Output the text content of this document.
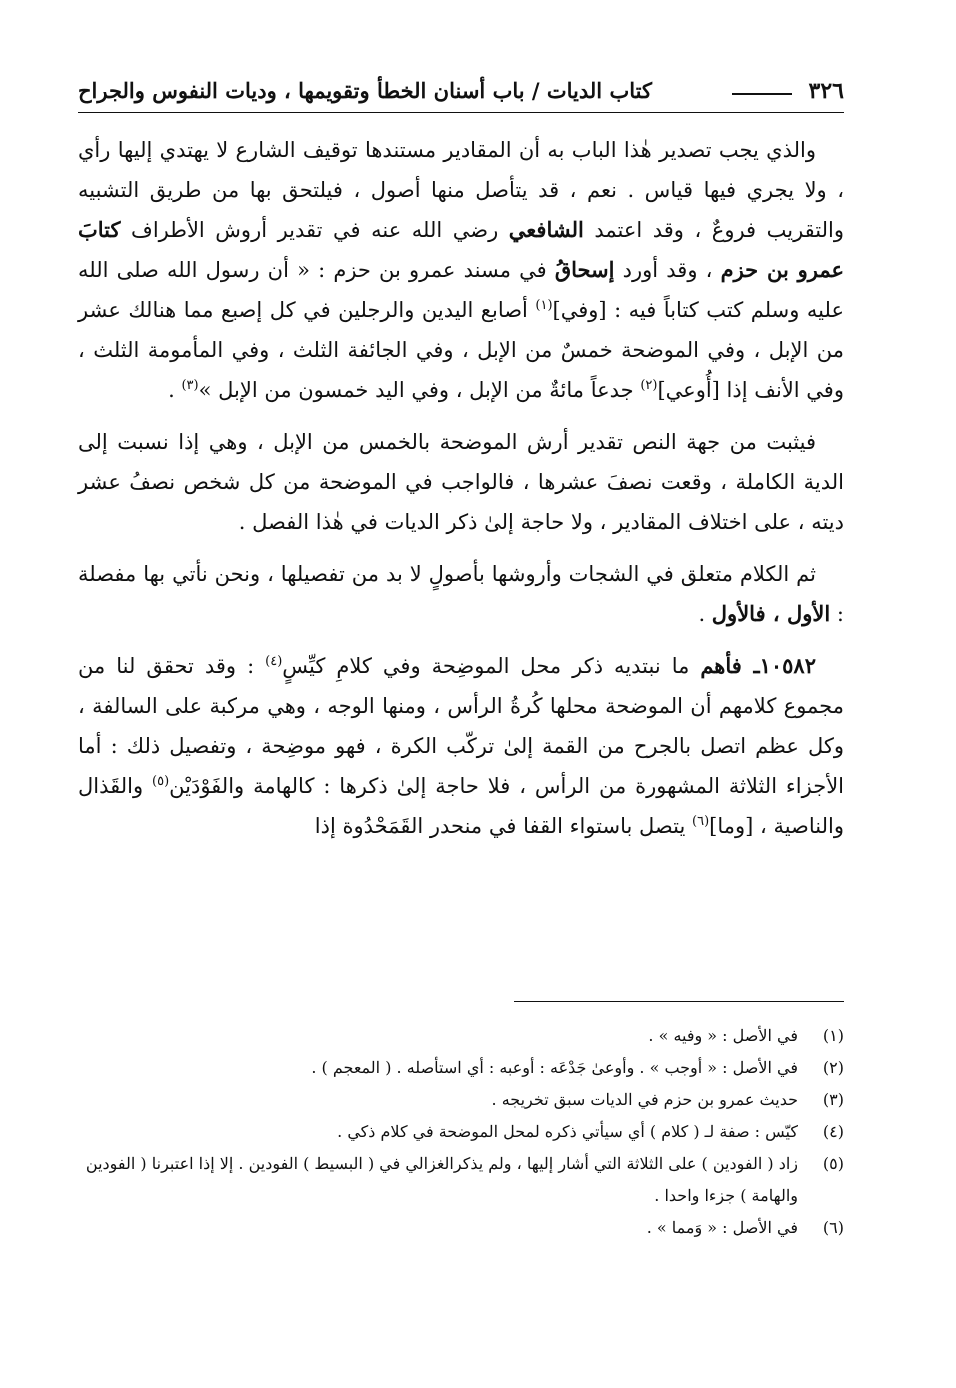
٣٢٦
كتاب الديات / باب أسنان الخطأ وتقويمها ، وديات النفوس والجراح

والذي يجب تصدير هٰذا الباب به أن المقادير مستندها توقيف الشارع لا يهتدي إليها رأي ، ولا يجري فيها قياس . نعم ، قد يتأصل منها أصول ، فيلتحق بها من طريق التشبيه والتقريب فروعٌ ، وقد اعتمد الشافعي رضي الله عنه في تقدير أروش الأطراف كتابَ عمرو بن حزم ، وقد أورد إسحاقُ في مسند عمرو بن حزم : « أن رسول الله صلى الله عليه وسلم كتب كتاباً فيه : [وفي]$^{(١)}$ أصابع اليدين والرجلين في كل إصبع مما هنالك عشر من الإبل ، وفي الموضحة خمسٌ من الإبل ، وفي الجائفة الثلث ، وفي المأمومة الثلث ، وفي الأنف إذا [أُوعي]$^{(٢)}$ جدعاً مائةٌ من الإبل ، وفي اليد خمسون من الإبل »$^{(٣)}$ .

فيثبت من جهة النص تقدير أرش الموضحة بالخمس من الإبل ، وهي إذا نسبت إلى الدية الكاملة ، وقعت نصفَ عشرها ، فالواجب في الموضحة من كل شخص نصفُ عشر ديته ، على اختلاف المقادير ، ولا حاجة إلىٰ ذكر الديات في هٰذا الفصل .

ثم الكلام متعلق في الشجات وأروشها بأصولٍ لا بد من تفصيلها ، ونحن نأتي بها مفصلة : الأول ، فالأول .

١٠٥٨٢ـ فأهم ما نبتديه ذكر محل الموضِحة وفي كلامِ كيِّسٍ$^{(٤)}$ : وقد تحقق لنا من مجموع كلامهم أن الموضحة محلها كُرةُ الرأس ، ومنها الوجه ، وهي مركبة على السالفة ، وكل عظم اتصل بالجرح من القمة إلىٰ تركّب الكرة ، فهو موضِحة ، وتفصيل ذلك : أما الأجزاء الثلاثة المشهورة من الرأس ، فلا حاجة إلىٰ ذكرها : كالهامة والفَوْدَيْن$^{(٥)}$ والقَذال والناصية ، [وما]$^{(٦)}$ يتصل باستواء القفا في منحدر القَمَحْدُوة إذا

(١)
في الأصل : « وفيه » .
(٢)
في الأصل : « أوجب » . وأوعىٰ جَدْعَه : أوعبه : أي استأصله . ( المعجم ) .
(٣)
حديث عمرو بن حزم في الديات سبق تخريجه .
(٤)
كيّس : صفة لـ ( كلام ) أي سيأتي ذكره لمحل الموضحة في كلام ذكي .
(٥)
زاد ( الفودين ) على الثلاثة التي أشار إليها ، ولم يذكرالغزالي في ( البسيط ) الفودين . إلا إذا اعتبرنا ( الفودين والهامة ) جزءا واحدا .
(٦)
في الأصل : « وَمما » .
